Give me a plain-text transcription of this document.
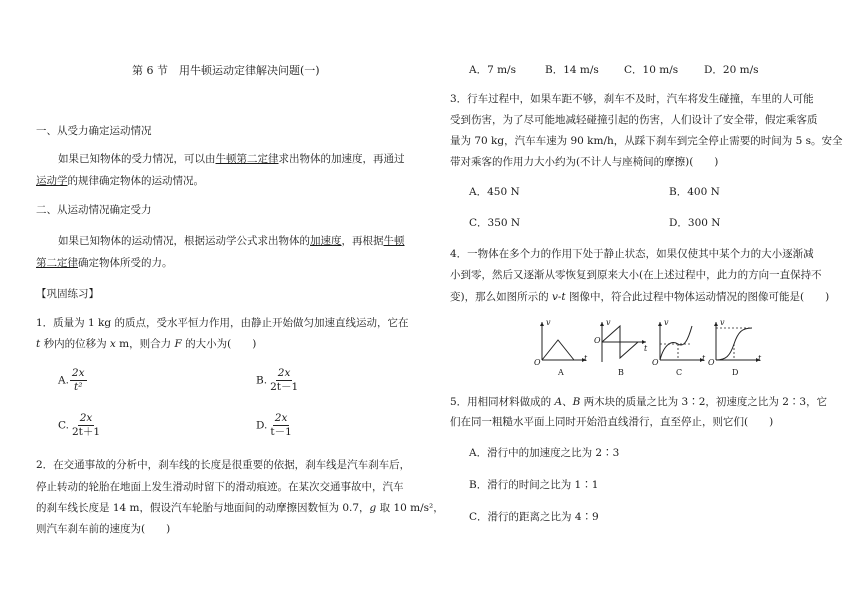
第 6 节　用牛顿运动定律解决问题(一)
一、从受力确定运动情况
如果已知物体的受力情况，可以由牛顿第二定律求出物体的加速度，再通过
运动学的规律确定物体的运动情况。
二、从运动情况确定受力
如果已知物体的运动情况，根据运动学公式求出物体的加速度，再根据牛顿
第二定律确定物体所受的力。
【巩固练习】
1．质量为 1 kg 的质点，受水平恒力作用，由静止开始做匀加速直线运动，它在
t 秒内的位移为 x m，则合力 F 的大小为(　　)
A. $\frac{2x}{\text{t²}}$	B. $\frac{2x}{2t-1}$
C. $\frac{2x}{2t+1}$	D. $\frac{2x}{t-1}$
2．在交通事故的分析中，刹车线的长度是很重要的依据，刹车线是汽车刹车后，
停止转动的轮胎在地面上发生滑动时留下的滑动痕迹。在某次交通事故中，汽车
的刹车线长度是 14 m，假设汽车轮胎与地面间的动摩擦因数恒为 0.7，g 取 10 m/s²，
则汽车刹车前的速度为(　　)
A．7 m/s	B．14 m/s C．10 m/s D．20 m/s
3．行车过程中，如果车距不够，刹车不及时，汽车将发生碰撞，车里的人可能
受到伤害，为了尽可能地减轻碰撞引起的伤害，人们设计了安全带，假定乘客质
量为 70 kg，汽车车速为 90 km/h，从踩下刹车到完全停止需要的时间为 5 s。安全
带对乘客的作用力大小约为(不计人与座椅间的摩擦)(　　)
A．450 N	B．400 N
C．350 N	D．300 N
4．一物体在多个力的作用下处于静止状态，如果仅使其中某个力的大小逐渐减
小到零，然后又逐渐从零恢复到原来大小(在上述过程中，此力的方向一直保持不
变)，那么如图所示的 v-t 图像中，符合此过程中物体运动情况的图像可能是(　　)
v
t
O
A
v
t
O
B
v
t
O
C
v
t
O
D
5．用相同材料做成的 A、B 两木块的质量之比为 3∶2，初速度之比为 2∶3，它
们在同一粗糙水平面上同时开始沿直线滑行，直至停止，则它们(　　)
A．滑行中的加速度之比为 2∶3
B．滑行的时间之比为 1∶1
C．滑行的距离之比为 4∶9
